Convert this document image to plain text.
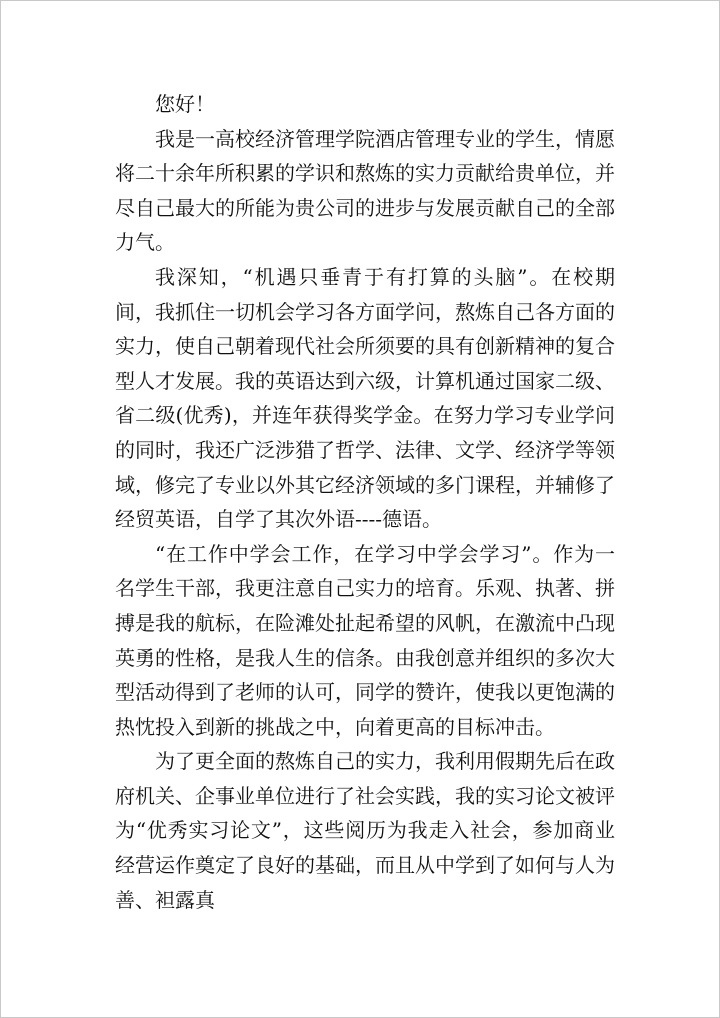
您好！

我是一高校经济管理学院酒店管理专业的学生，情愿将二十余年所积累的学识和熬炼的实力贡献给贵单位，并尽自己最大的所能为贵公司的进步与发展贡献自己的全部力气。

我深知，“机遇只垂青于有打算的头脑”。在校期间，我抓住一切机会学习各方面学问，熬炼自己各方面的实力，使自己朝着现代社会所须要的具有创新精神的复合型人才发展。我的英语达到六级，计算机通过国家二级、省二级(优秀)，并连年获得奖学金。在努力学习专业学问的同时，我还广泛涉猎了哲学、法律、文学、经济学等领域，修完了专业以外其它经济领域的多门课程，并辅修了经贸英语，自学了其次外语----德语。

“在工作中学会工作，在学习中学会学习”。作为一名学生干部，我更注意自己实力的培育。乐观、执著、拼搏是我的航标，在险滩处扯起希望的风帆，在激流中凸现英勇的性格，是我人生的信条。由我创意并组织的多次大型活动得到了老师的认可，同学的赞许，使我以更饱满的热忱投入到新的挑战之中，向着更高的目标冲击。

为了更全面的熬炼自己的实力，我利用假期先后在政府机关、企事业单位进行了社会实践，我的实习论文被评为“优秀实习论文”，这些阅历为我走入社会，参加商业经营运作奠定了良好的基础，而且从中学到了如何与人为善、袒露真
